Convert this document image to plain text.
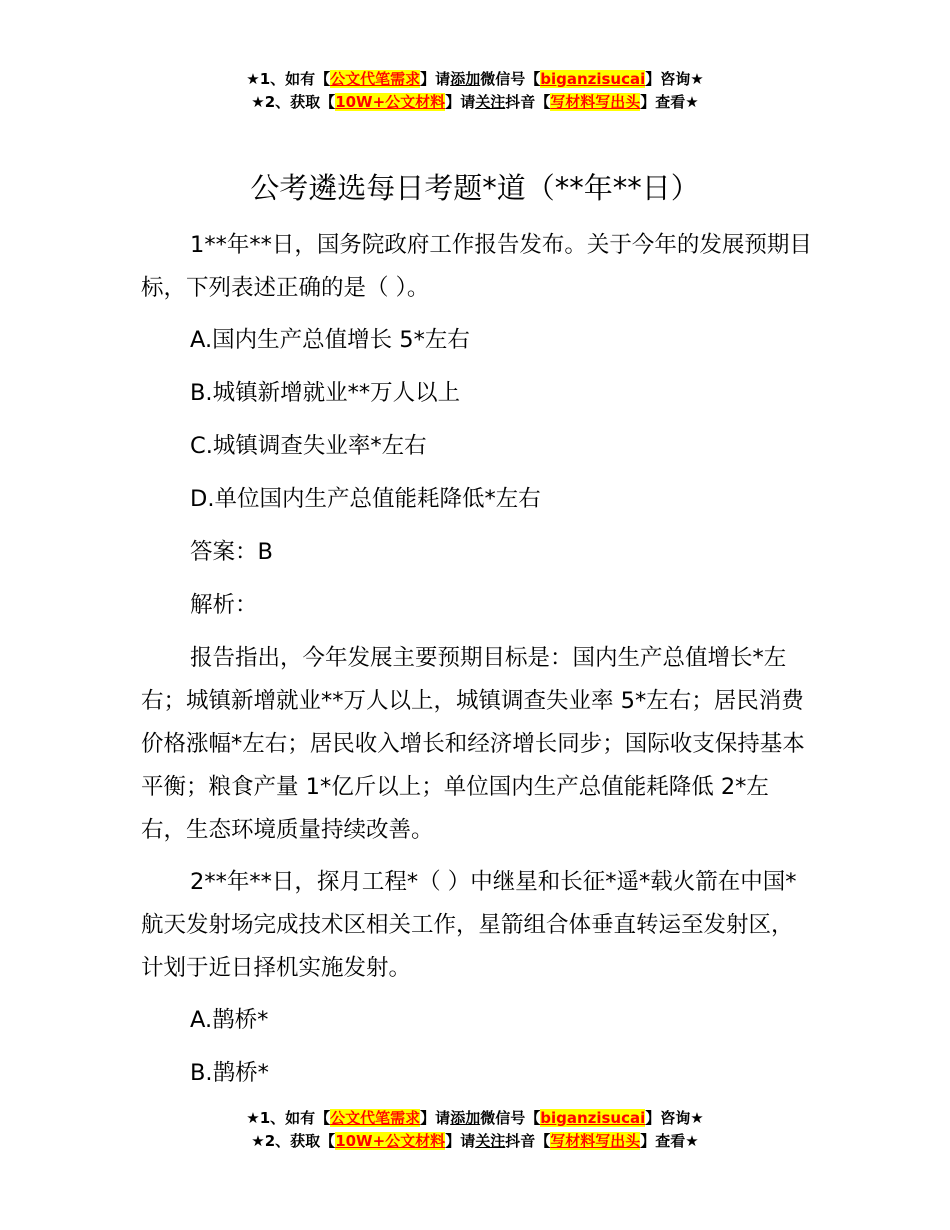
★1、如有【公文代笔需求】请添加微信号【biganzisucai】咨询★
★2、获取【10W+公文材料】请关注抖音【写材料写出头】查看★
公考遴选每日考题*道（**年**日）

1**年**日，国务院政府工作报告发布。关于今年的发展预期目标，下列表述正确的是（ ）。

A.国内生产总值增长 5*左右

B.城镇新增就业**万人以上

C.城镇调查失业率*左右

D.单位国内生产总值能耗降低*左右

答案：B

解析：

报告指出，今年发展主要预期目标是：国内生产总值增长*左右；城镇新增就业**万人以上，城镇调查失业率 5*左右；居民消费价格涨幅*左右；居民收入增长和经济增长同步；国际收支保持基本平衡；粮食产量 1*亿斤以上；单位国内生产总值能耗降低 2*左右，生态环境质量持续改善。

2**年**日，探月工程*（ ）中继星和长征*遥*载火箭在中国*航天发射场完成技术区相关工作，星箭组合体垂直转运至发射区，计划于近日择机实施发射。

A.鹊桥*

B.鹊桥*

★1、如有【公文代笔需求】请添加微信号【biganzisucai】咨询★
★2、获取【10W+公文材料】请关注抖音【写材料写出头】查看★
